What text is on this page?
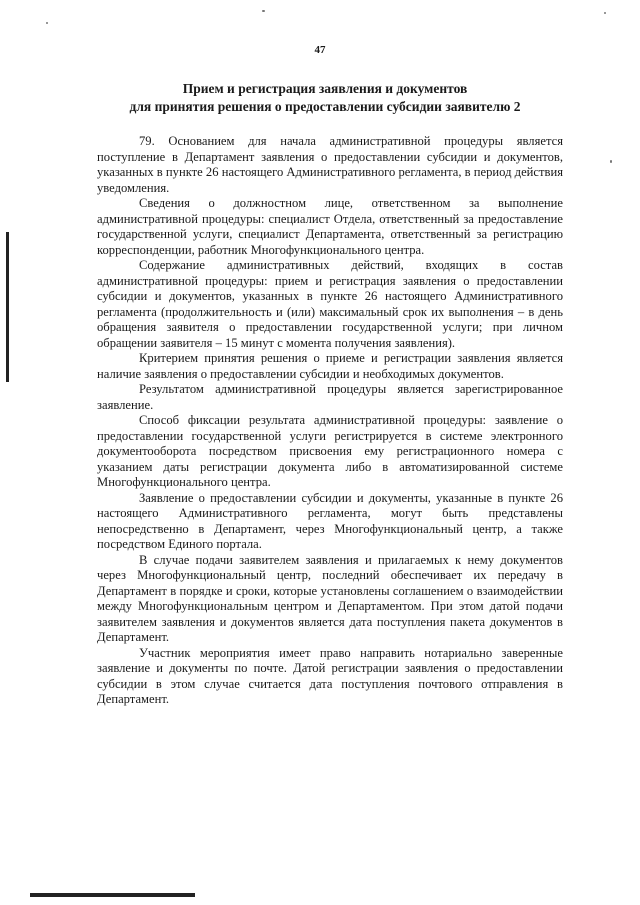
47
Прием и регистрация заявления и документов
для принятия решения о предоставлении субсидии заявителю 2

79. Основанием для начала административной процедуры является поступление в Департамент заявления о предоставлении субсидии и документов, указанных в пункте 26 настоящего Административного регламента, в период действия уведомления.

Сведения о должностном лице, ответственном за выполнение административной процедуры: специалист Отдела, ответственный за предоставление государственной услуги, специалист Департамента, ответственный за регистрацию корреспонденции, работник Многофункционального центра.

Содержание административных действий, входящих в состав административной процедуры: прием и регистрация заявления о предоставлении субсидии и документов, указанных в пункте 26 настоящего Административного регламента (продолжительность и (или) максимальный срок их выполнения – в день обращения заявителя о предоставлении государственной услуги; при личном обращении заявителя – 15 минут с момента получения заявления).

Критерием принятия решения о приеме и регистрации заявления является наличие заявления о предоставлении субсидии и необходимых документов.

Результатом административной процедуры является зарегистрированное заявление.

Способ фиксации результата административной процедуры: заявление о предоставлении государственной услуги регистрируется в системе электронного документооборота посредством присвоения ему регистрационного номера с указанием даты регистрации документа либо в автоматизированной системе Многофункционального центра.

Заявление о предоставлении субсидии и документы, указанные в пункте 26 настоящего Административного регламента, могут быть представлены непосредственно в Департамент, через Многофункциональный центр, а также посредством Единого портала.

В случае подачи заявителем заявления и прилагаемых к нему документов через Многофункциональный центр, последний обеспечивает их передачу в Департамент в порядке и сроки, которые установлены соглашением о взаимодействии между Многофункциональным центром и Департаментом. При этом датой подачи заявителем заявления и документов является дата поступления пакета документов в Департамент.

Участник мероприятия имеет право направить нотариально заверенные заявление и документы по почте. Датой регистрации заявления о предоставлении субсидии в этом случае считается дата поступления почтового отправления в Департамент.
